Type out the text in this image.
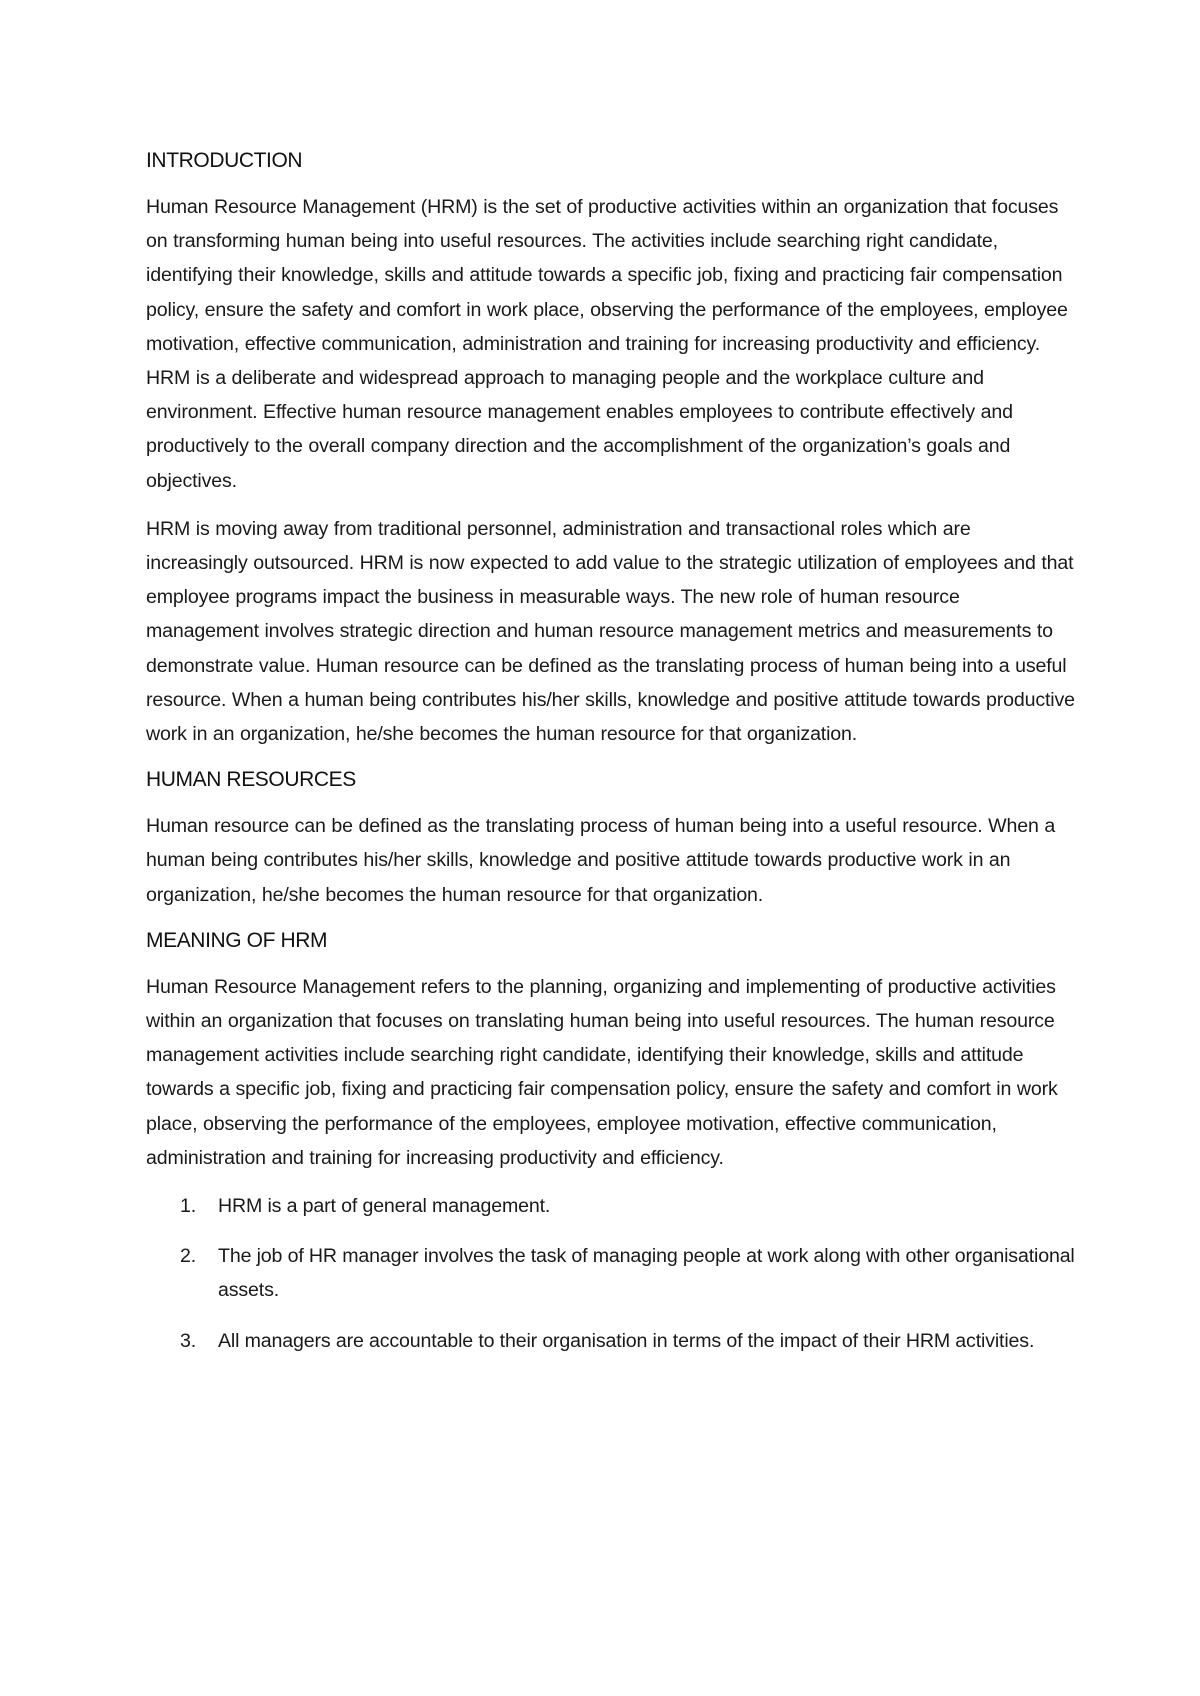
INTRODUCTION

Human Resource Management (HRM) is the set of productive activities within an organization that focuses on transforming human being into useful resources. The activities include searching right candidate, identifying their knowledge, skills and attitude towards a specific job, fixing and practicing fair compensation policy, ensure the safety and comfort in work place, observing the performance of the employees, employee motivation, effective communication, administration and training for increasing productivity and efficiency. HRM is a deliberate and widespread approach to managing people and the workplace culture and environment. Effective human resource management enables employees to contribute effectively and productively to the overall company direction and the accomplishment of the organization’s goals and objectives.

HRM is moving away from traditional personnel, administration and transactional roles which are increasingly outsourced. HRM is now expected to add value to the strategic utilization of employees and that employee programs impact the business in measurable ways. The new role of human resource management involves strategic direction and human resource management metrics and measurements to demonstrate value. Human resource can be defined as the translating process of human being into a useful resource. When a human being contributes his/her skills, knowledge and positive attitude towards productive work in an organization, he/she becomes the human resource for that organization.

HUMAN RESOURCES

Human resource can be defined as the translating process of human being into a useful resource. When a human being contributes his/her skills, knowledge and positive attitude towards productive work in an organization, he/she becomes the human resource for that organization.

MEANING OF HRM

Human Resource Management refers to the planning, organizing and implementing of productive activities within an organization that focuses on translating human being into useful resources. The human resource management activities include searching right candidate, identifying their knowledge, skills and attitude towards a specific job, fixing and practicing fair compensation policy, ensure the safety and comfort in work place, observing the performance of the employees, employee motivation, effective communication, administration and training for increasing productivity and efficiency.

1. HRM is a part of general management.
2. The job of HR manager involves the task of managing people at work along with other organisational assets.
3. All managers are accountable to their organisation in terms of the impact of their HRM activities.
